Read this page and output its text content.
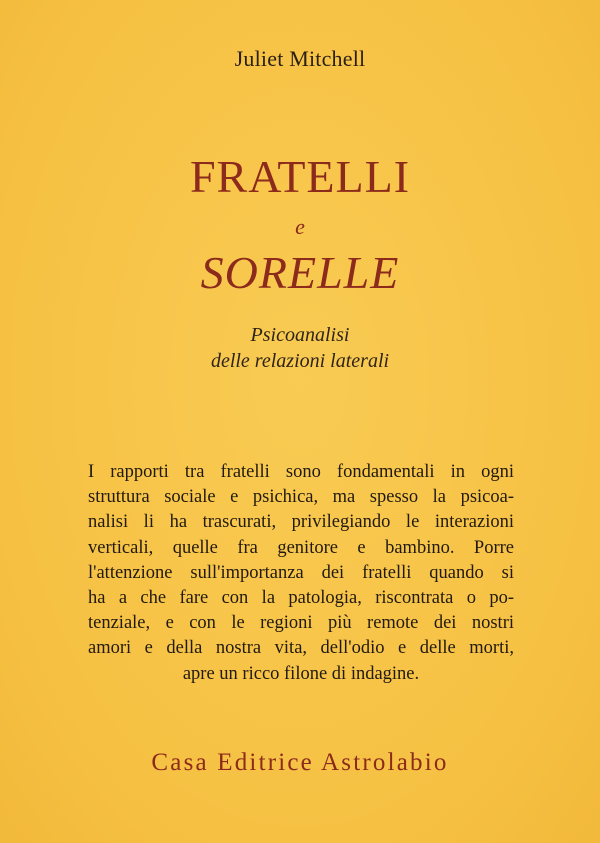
Juliet Mitchell
FRATELLI
e
SORELLE
Psicoanalisi
delle relazioni laterali
I rapporti tra fratelli sono fondamentali in ogni
struttura sociale e psichica, ma spesso la psicoa-
nalisi li ha trascurati, privilegiando le interazioni
verticali, quelle fra genitore e bambino. Porre
l'attenzione sull'importanza dei fratelli quando si
ha a che fare con la patologia, riscontrata o po-
tenziale, e con le regioni più remote dei nostri
amori e della nostra vita, dell'odio e delle morti,
apre un ricco filone di indagine.
Casa Editrice Astrolabio
